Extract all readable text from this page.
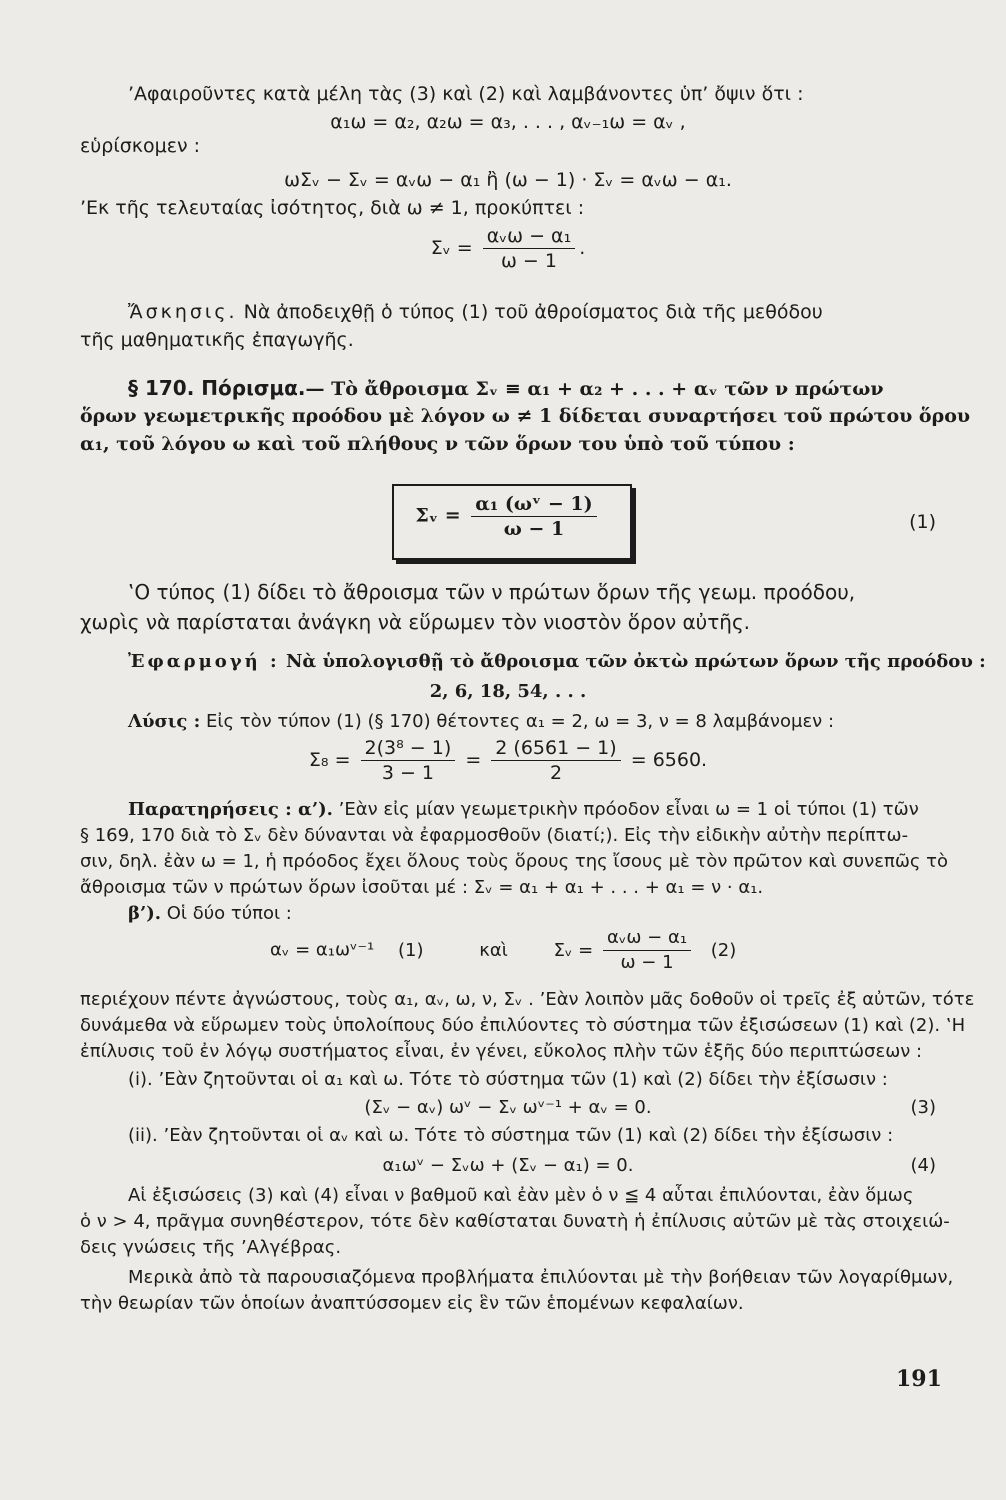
’Αφαιροῦντες κατὰ μέλη τὰς (3) καὶ (2) καὶ λαμβάνοντες ὑπ’ ὄψιν ὅτι :
α₁ω = α₂, α₂ω = α₃, . . . , αᵥ₋₁ω = αᵥ ,
εὑρίσκομεν :
ωΣᵥ − Σᵥ = αᵥω − α₁ ἢ (ω − 1) · Σᵥ = αᵥω − α₁.
’Εκ τῆς τελευταίας ἰσότητος, διὰ ω ≠ 1, προκύπτει :
Σᵥ = $\frac{\text{αᵥω − α₁}}{\omega - 1}$ .
Ἄσκησις. Νὰ ἀποδειχθῇ ὁ τύπος (1) τοῦ ἀθροίσματος διὰ τῆς μεθόδου
τῆς μαθηματικῆς ἐπαγωγῆς.
§ 170. Πόρισμα.— Τὸ ἄθροισμα Σᵥ ≡ α₁ + α₂ + . . . + αᵥ τῶν ν πρώτων
ὅρων γεωμετρικῆς προόδου μὲ λόγον ω ≠ 1 δίδεται συναρτήσει τοῦ πρώτου ὅρου
α₁, τοῦ λόγου ω καὶ τοῦ πλήθους ν τῶν ὅρων του ὑπὸ τοῦ τύπου :
Σᵥ = $\frac{\text{α₁ (ωᵛ − 1)}}{\omega - 1}$	(1)
‛Ο τύπος (1) δίδει τὸ ἄθροισμα τῶν ν πρώτων ὅρων τῆς γεωμ. προόδου,
χωρὶς νὰ παρίσταται ἀνάγκη νὰ εὕρωμεν τὸν νιοστὸν ὅρον αὐτῆς.
Ἐφαρμογή : Νὰ ὑπολογισθῇ τὸ ἄθροισμα τῶν ὀκτὼ πρώτων ὅρων τῆς προόδου :
2, 6, 18, 54, . . .
Λύσις : Εἰς τὸν τύπον (1) (§ 170) θέτοντες α₁ = 2, ω = 3, ν = 8 λαμβάνομεν :
$\Sigma_8 = \frac{\text{2(3⁸ − 1)}}{3 - 1} = \frac{2 (6561 - 1)}{2} = 6560$.
Παρατηρήσεις : α’). ’Εὰν εἰς μίαν γεωμετρικὴν πρόοδον εἶναι ω = 1 οἱ τύποι (1) τῶν
§ 169, 170 διὰ τὸ Σᵥ δὲν δύνανται νὰ ἐφαρμοσθοῦν (διατί;). Εἰς τὴν εἰδικὴν αὐτὴν περίπτω-
σιν, δηλ. ἐὰν ω = 1, ἡ πρόοδος ἔχει ὅλους τοὺς ὅρους της ἴσους μὲ τὸν πρῶτον καὶ συνεπῶς τὸ
ἄθροισμα τῶν ν πρώτων ὅρων ἰσοῦται μέ : Σᵥ = α₁ + α₁ + . . . + α₁ = ν · α₁.
β’). Οἱ δύο τύποι :
αᵥ = α₁ωᵛ⁻¹ (1)	καὶ	Σᵥ = $\frac{\text{αᵥω − α₁}}{\omega - 1} (2)$
περιέχουν πέντε ἀγνώστους, τοὺς α₁, αᵥ, ω, ν, Σᵥ . ’Εὰν λοιπὸν μᾶς δοθοῦν οἱ τρεῖς ἐξ αὐτῶν, τότε
δυνάμεθα νὰ εὕρωμεν τοὺς ὑπολοίπους δύο ἐπιλύοντες τὸ σύστημα τῶν ἐξισώσεων (1) καὶ (2). ‛Η
ἐπίλυσις τοῦ ἐν λόγῳ συστήματος εἶναι, ἐν γένει, εὔκολος πλὴν τῶν ἑξῆς δύο περιπτώσεων :
(i). ’Εὰν ζητοῦνται οἱ α₁ καὶ ω. Τότε τὸ σύστημα τῶν (1) καὶ (2) δίδει τὴν ἐξίσωσιν :
(Σᵥ − αᵥ) ωᵛ − Σᵥ ωᵛ⁻¹ + αᵥ = 0.	(3)
(ii). ’Εὰν ζητοῦνται οἱ αᵥ καὶ ω. Τότε τὸ σύστημα τῶν (1) καὶ (2) δίδει τὴν ἐξίσωσιν :
α₁ωᵛ − Σᵥω + (Σᵥ − α₁) = 0.	(4)
Αἱ ἐξισώσεις (3) καὶ (4) εἶναι ν βαθμοῦ καὶ ἐὰν μὲν ὁ ν ≦ 4 αὗται ἐπιλύονται, ἐὰν ὅμως
ὁ ν > 4, πρᾶγμα συνηθέστερον, τότε δὲν καθίσταται δυνατὴ ἡ ἐπίλυσις αὐτῶν μὲ τὰς στοιχειώ-
δεις γνώσεις τῆς ’Αλγέβρας.
Μερικὰ ἀπὸ τὰ παρουσιαζόμενα προβλήματα ἐπιλύονται μὲ τὴν βοήθειαν τῶν λογαρίθμων,
τὴν θεωρίαν τῶν ὁποίων ἀναπτύσσομεν εἰς ἓν τῶν ἑπομένων κεφαλαίων.
191
